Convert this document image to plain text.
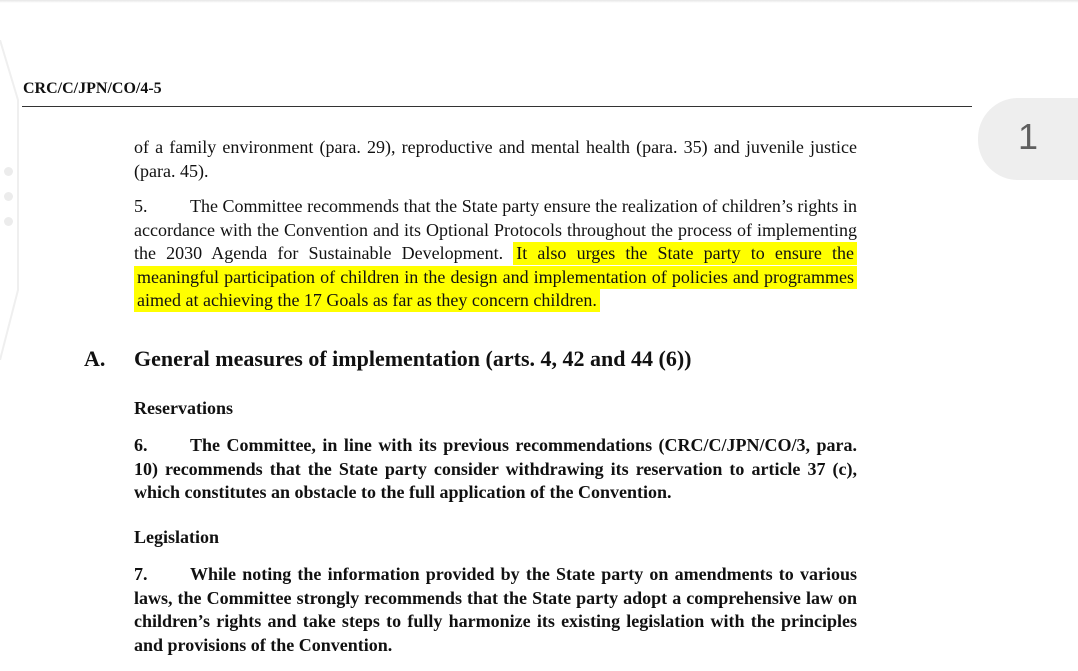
1
CRC/C/JPN/CO/4-5
of a family environment (para. 29), reproductive and mental health (para. 35) and juvenile justice (para. 45).
5. The Committee recommends that the State party ensure the realization of children’s rights in accordance with the Convention and its Optional Protocols throughout the process of implementing the 2030 Agenda for Sustainable Development. It also urges the State party to ensure the meaningful participation of children in the design and implementation of policies and programmes aimed at achieving the 17 Goals as far as they concern children.
A. General measures of implementation (arts. 4, 42 and 44 (6))
Reservations
6. The Committee, in line with its previous recommendations (CRC/C/JPN/CO/3, para. 10) recommends that the State party consider withdrawing its reservation to article 37 (c), which constitutes an obstacle to the full application of the Convention.
Legislation
7. While noting the information provided by the State party on amendments to various laws, the Committee strongly recommends that the State party adopt a comprehensive law on children’s rights and take steps to fully harmonize its existing legislation with the principles and provisions of the Convention.
